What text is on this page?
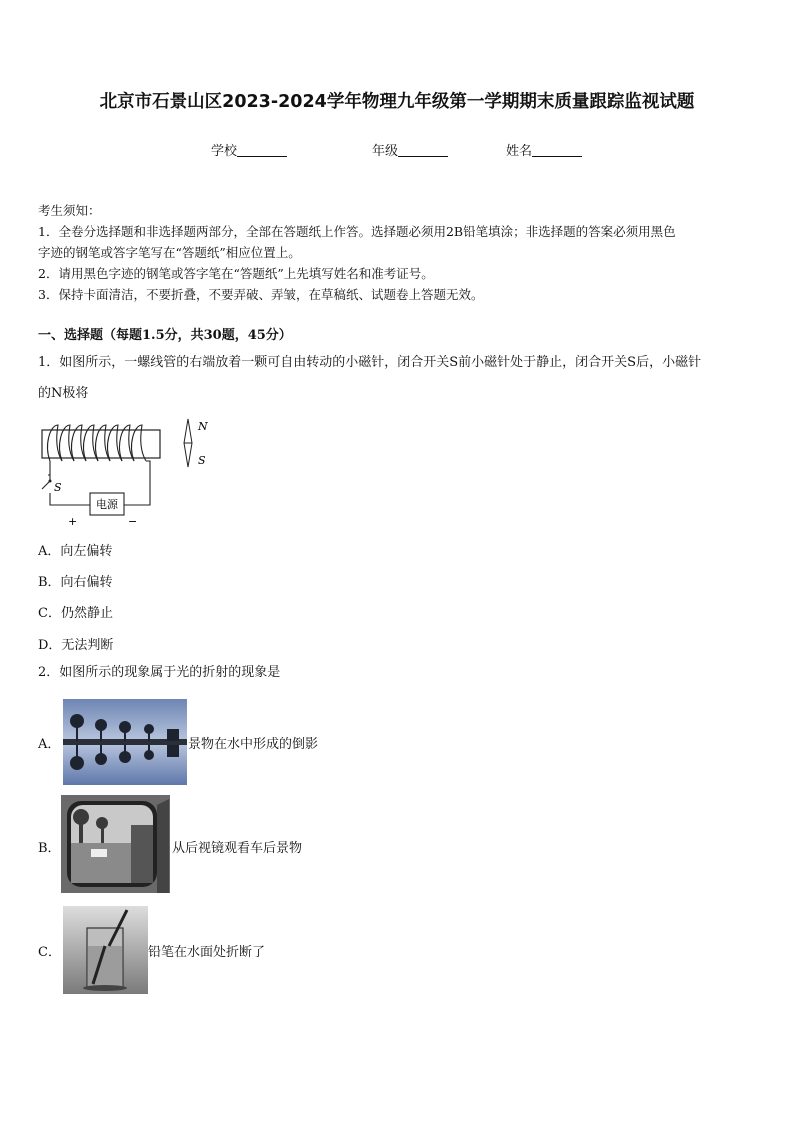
北京市石景山区2023-2024学年物理九年级第一学期期末质量跟踪监视试题
学校	年级	姓名
考生须知：
1．全卷分选择题和非选择题两部分，全部在答题纸上作答。选择题必须用2B铅笔填涂；非选择题的答案必须用黑色
字迹的钢笔或答字笔写在“答题纸”相应位置上。
2．请用黑色字迹的钢笔或答字笔在“答题纸”上先填写姓名和准考证号。
3．保持卡面清洁，不要折叠，不要弄破、弄皱，在草稿纸、试题卷上答题无效。
一、选择题（每题1.5分，共30题，45分）
1．如图所示，一螺线管的右端放着一颗可自由转动的小磁针，闭合开关S前小磁针处于静止，闭合开关S后，小磁针
的N极将
电源
S
+	−
N
S
A．向左偏转
B．向右偏转
C．仍然静止
D．无法判断
2．如图所示的现象属于光的折射的现象是
A．	景物在水中形成的倒影
B．	从后视镜观看车后景物
C．	铅笔在水面处折断了
